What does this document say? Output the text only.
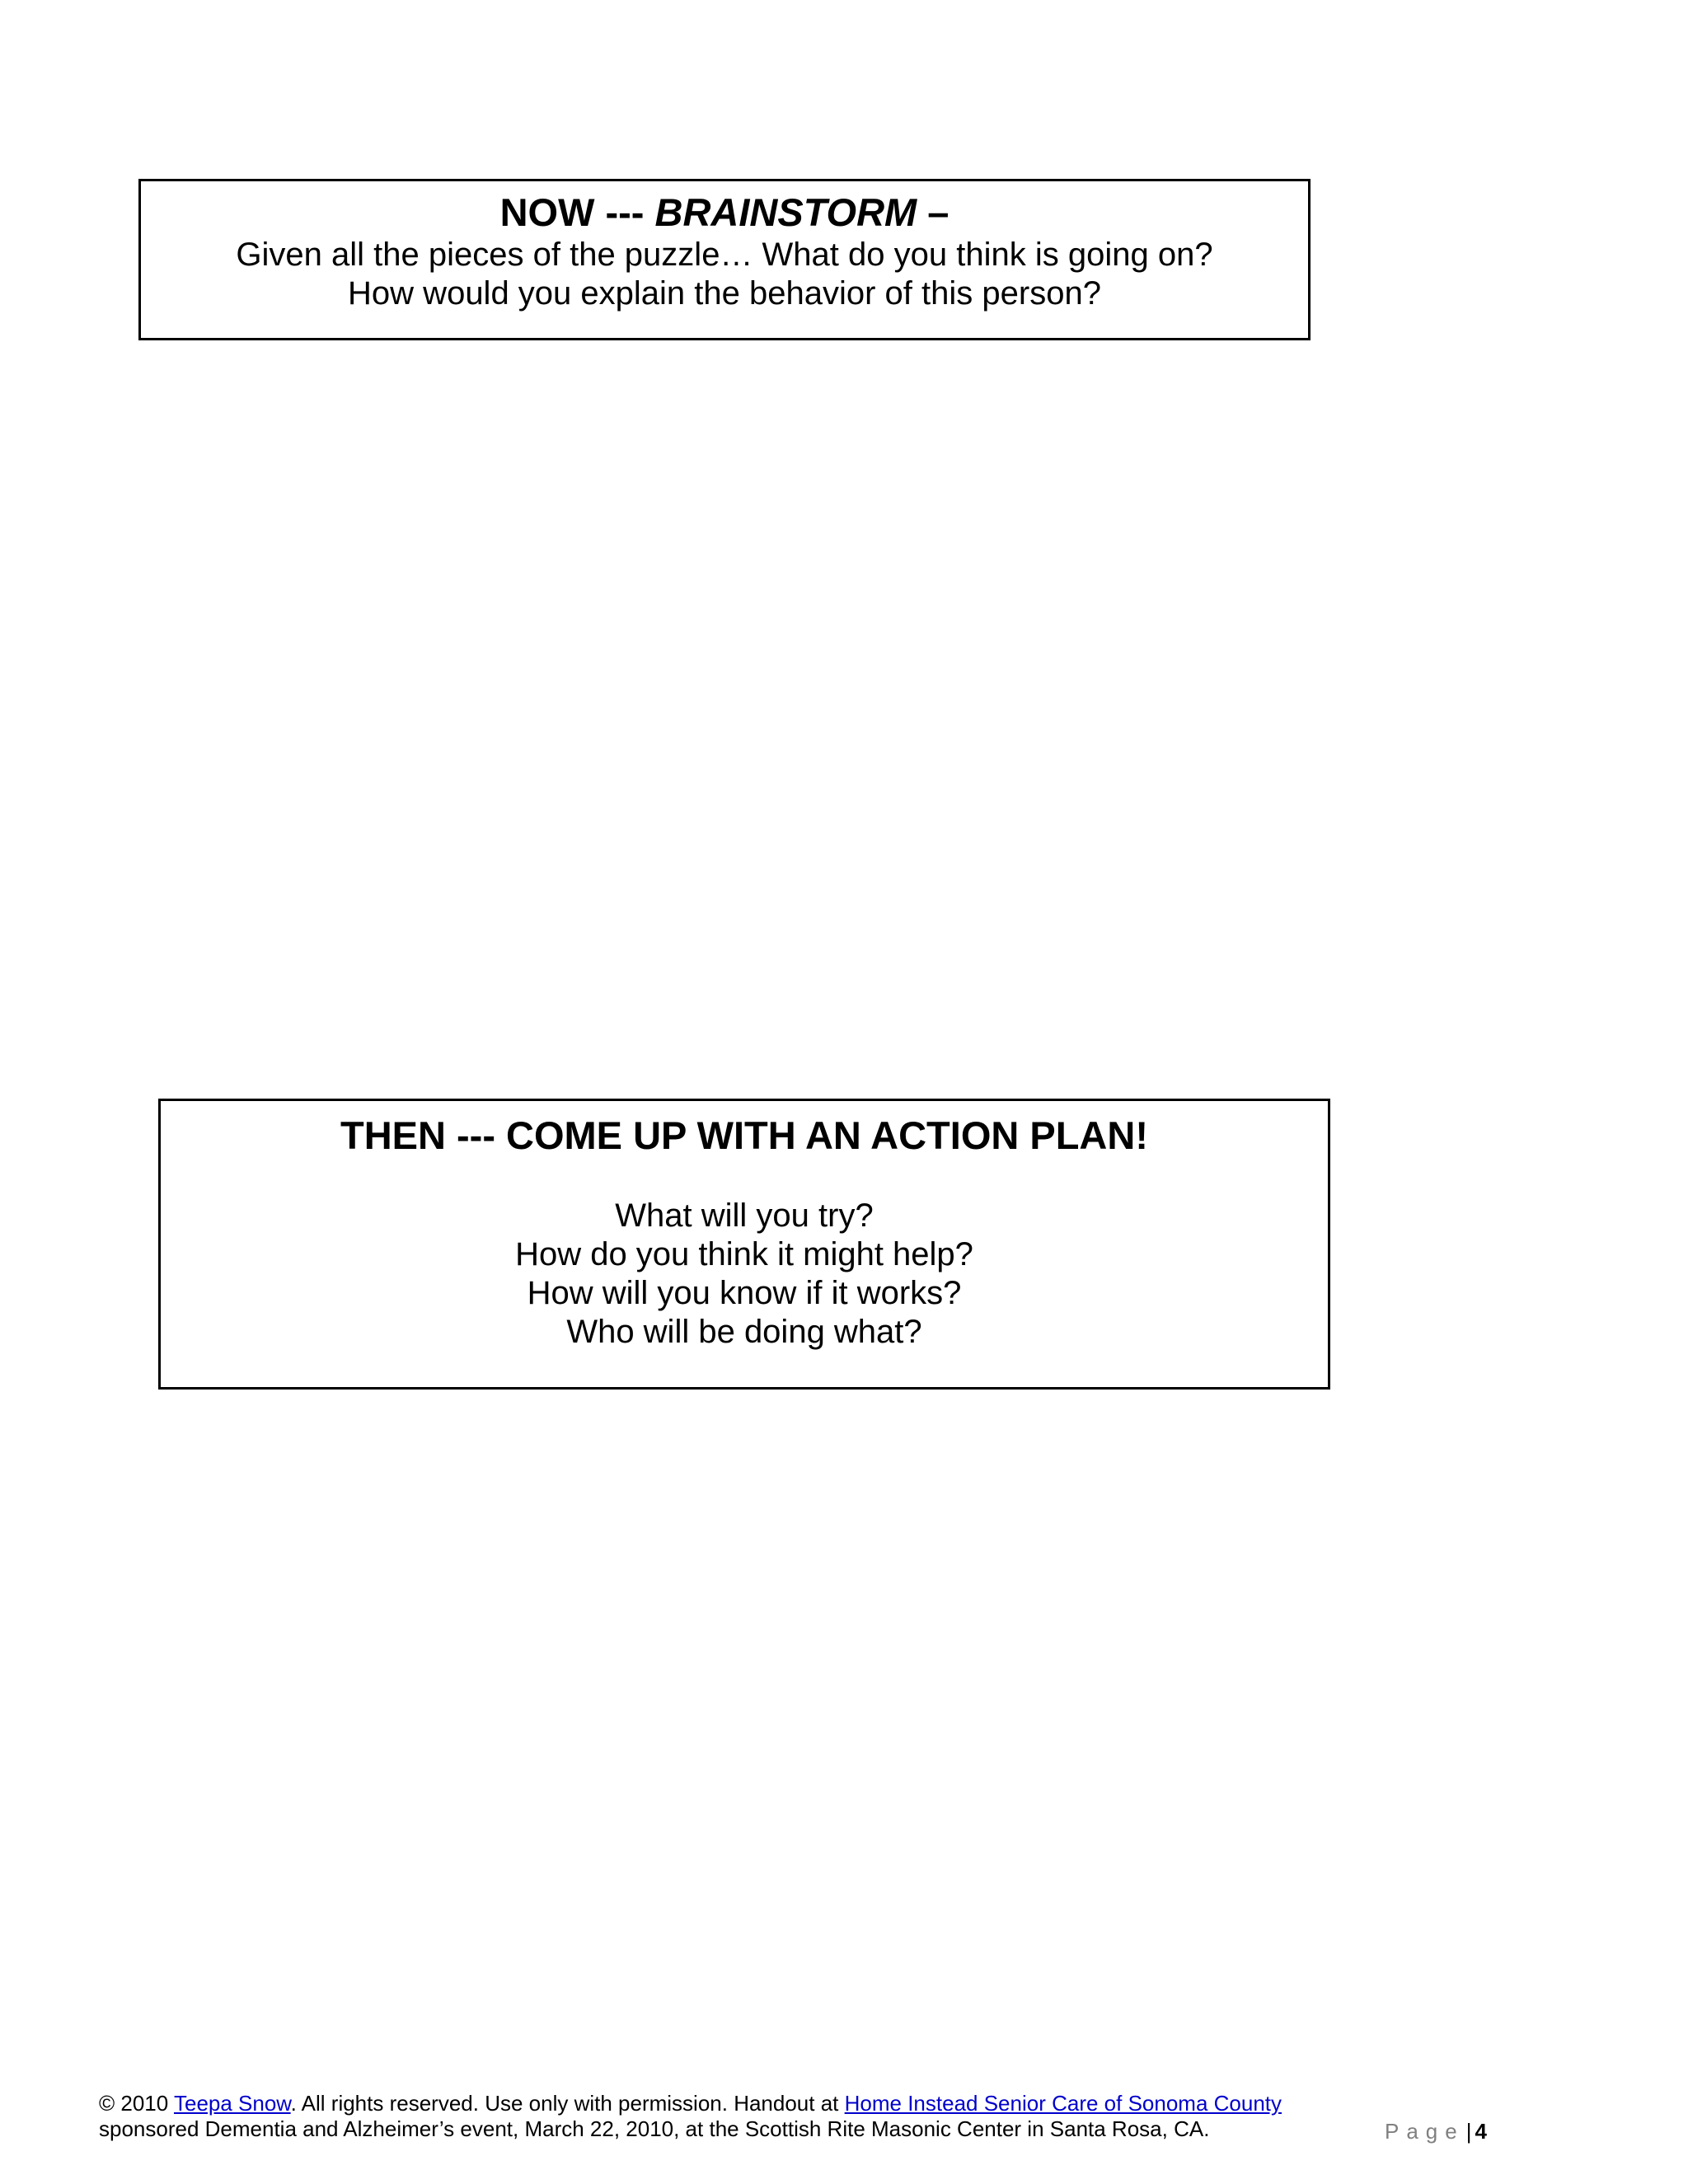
NOW --- BRAINSTORM –
Given all the pieces of the puzzle… What do you think is going on?
How would you explain the behavior of this person?
THEN --- COME UP WITH AN ACTION PLAN!
What will you try?
How do you think it might help?
How will you know if it works?
Who will be doing what?
© 2010 Teepa Snow. All rights reserved. Use only with permission. Handout at Home Instead Senior Care of Sonoma County
sponsored Dementia and Alzheimer’s event, March 22, 2010, at the Scottish Rite Masonic Center in Santa Rosa, CA.	Page| 4
